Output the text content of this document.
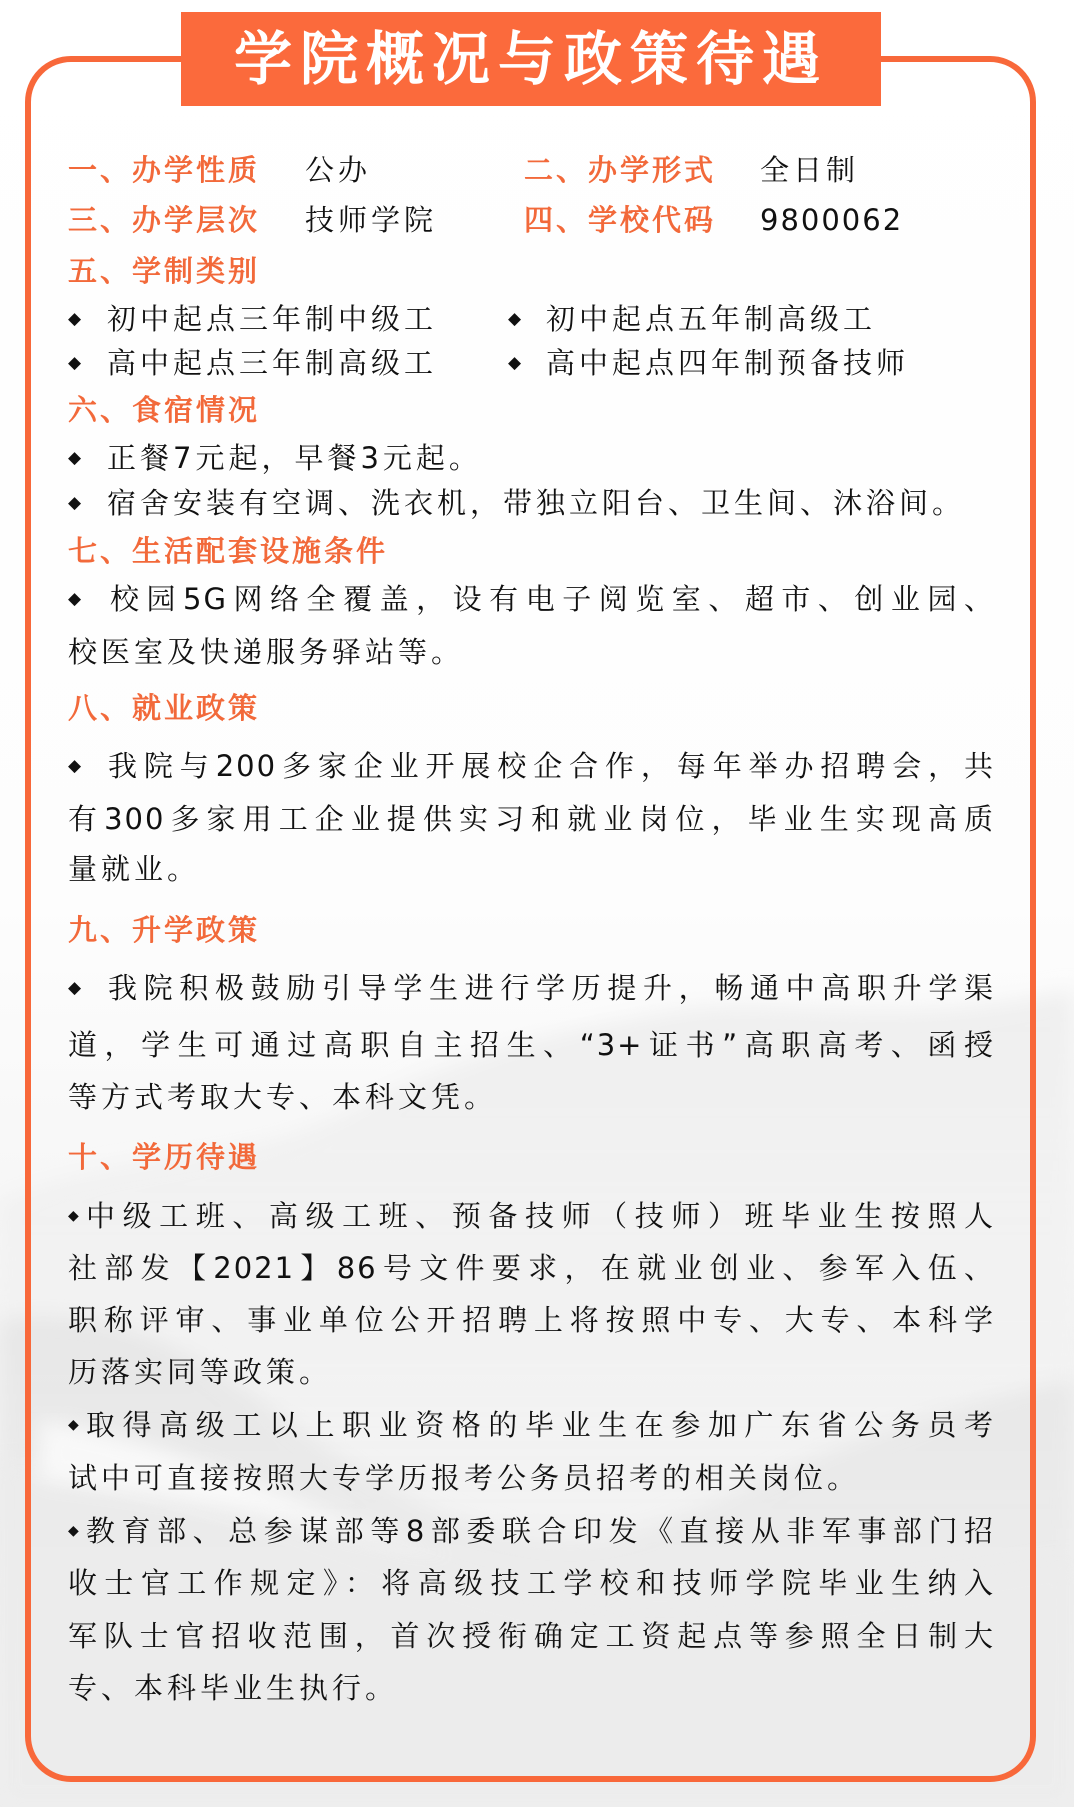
学院概况与政策待遇
一、办学性质 公办	二、办学形式 全日制
三、办学层次 技师学院	四、学校代码 9800062
五、学制类别
◆ 初中起点三年制中级工	◆ 初中起点五年制高级工
◆ 高中起点三年制高级工	◆ 高中起点四年制预备技师
六、食宿情况
◆ 正餐7元起，早餐3元起。
◆ 宿舍安装有空调、洗衣机，带独立阳台、卫生间、沐浴间。
七、生活配套设施条件
◆ 校园5G网络全覆盖，设有电子阅览室、超市、创业园、
校医室及快递服务驿站等。
八、就业政策
◆ 我院与200多家企业开展校企合作，每年举办招聘会，共
有300多家用工企业提供实习和就业岗位，毕业生实现高质
量就业。
九、升学政策
◆ 我院积极鼓励引导学生进行学历提升，畅通中高职升学渠
道，学生可通过高职自主招生、“3+证书”高职高考、函授
等方式考取大专、本科文凭。
十、学历待遇
◆ 中级工班、高级工班、预备技师（技师）班毕业生按照人
社部发【2021】86号文件要求，在就业创业、参军入伍、
职称评审、事业单位公开招聘上将按照中专、大专、本科学
历落实同等政策。
◆ 取得高级工以上职业资格的毕业生在参加广东省公务员考
试中可直接按照大专学历报考公务员招考的相关岗位。
◆ 教育部、总参谋部等8部委联合印发《直接从非军事部门招
收士官工作规定》：将高级技工学校和技师学院毕业生纳入
军队士官招收范围，首次授衔确定工资起点等参照全日制大
专、本科毕业生执行。
